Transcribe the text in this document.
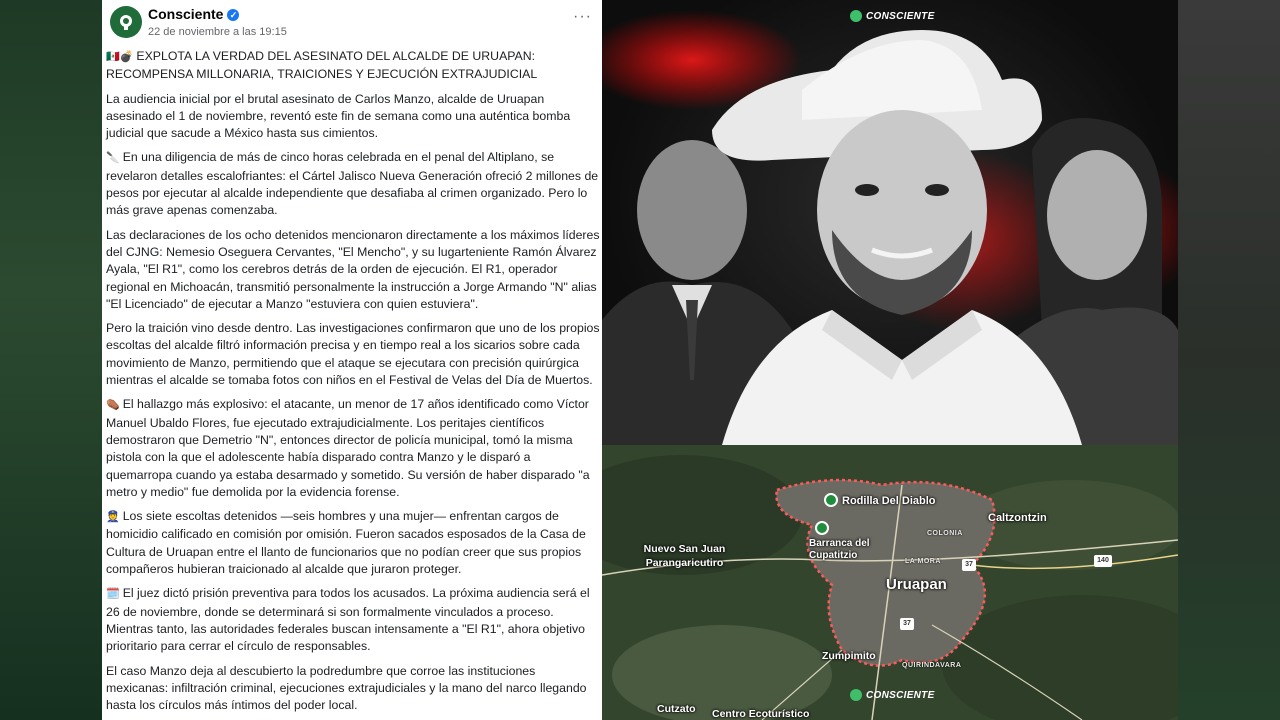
Consciente ✓
22 de noviembre a las 19:15
···

🇲🇽💣 EXPLOTA LA VERDAD DEL ASESINATO DEL ALCALDE DE URUAPAN: RECOMPENSA MILLONARIA, TRAICIONES Y EJECUCIÓN EXTRAJUDICIAL

La audiencia inicial por el brutal asesinato de Carlos Manzo, alcalde de Uruapan asesinado el 1 de noviembre, reventó este fin de semana como una auténtica bomba judicial que sacude a México hasta sus cimientos.

🔪 En una diligencia de más de cinco horas celebrada en el penal del Altiplano, se revelaron detalles escalofriantes: el Cártel Jalisco Nueva Generación ofreció 2 millones de pesos por ejecutar al alcalde independiente que desafiaba al crimen organizado. Pero lo más grave apenas comenzaba.

Las declaraciones de los ocho detenidos mencionaron directamente a los máximos líderes del CJNG: Nemesio Oseguera Cervantes, "El Mencho", y su lugarteniente Ramón Álvarez Ayala, "El R1", como los cerebros detrás de la orden de ejecución. El R1, operador regional en Michoacán, transmitió personalmente la instrucción a Jorge Armando "N" alias "El Licenciado" de ejecutar a Manzo "estuviera con quien estuviera".

Pero la traición vino desde dentro. Las investigaciones confirmaron que uno de los propios escoltas del alcalde filtró información precisa y en tiempo real a los sicarios sobre cada movimiento de Manzo, permitiendo que el ataque se ejecutara con precisión quirúrgica mientras el alcalde se tomaba fotos con niños en el Festival de Velas del Día de Muertos.

⚰️ El hallazgo más explosivo: el atacante, un menor de 17 años identificado como Víctor Manuel Ubaldo Flores, fue ejecutado extrajudicialmente. Los peritajes científicos demostraron que Demetrio "N", entonces director de policía municipal, tomó la misma pistola con la que el adolescente había disparado contra Manzo y le disparó a quemarropa cuando ya estaba desarmado y sometido. Su versión de haber disparado "a metro y medio" fue demolida por la evidencia forense.

👮 Los siete escoltas detenidos —seis hombres y una mujer— enfrentan cargos de homicidio calificado en comisión por omisión. Fueron sacados esposados de la Casa de Cultura de Uruapan entre el llanto de funcionarios que no podían creer que sus propios compañeros hubieran traicionado al alcalde que juraron proteger.

🗓️ El juez dictó prisión preventiva para todos los acusados. La próxima audiencia será el 26 de noviembre, donde se determinará si son formalmente vinculados a proceso. Mientras tanto, las autoridades federales buscan intensamente a "El R1", ahora objetivo prioritario para cerrar el círculo de responsables.

El caso Manzo deja al descubierto la podredumbre que corroe las instituciones mexicanas: infiltración criminal, ejecuciones extrajudiciales y la mano del narco llegando hasta los círculos más íntimos del poder local.

CONSCIENTE
Rodilla Del Diablo
Barranca del Cupatitzio
Caltzontzin
Nuevo San Juan Parangaricutiro
Uruapan
COLONIA
LA MORA	37
37
140
Zumpimito
QUIRINDAVARA
Cutzato Centro Ecoturístico
CONSCIENTE
